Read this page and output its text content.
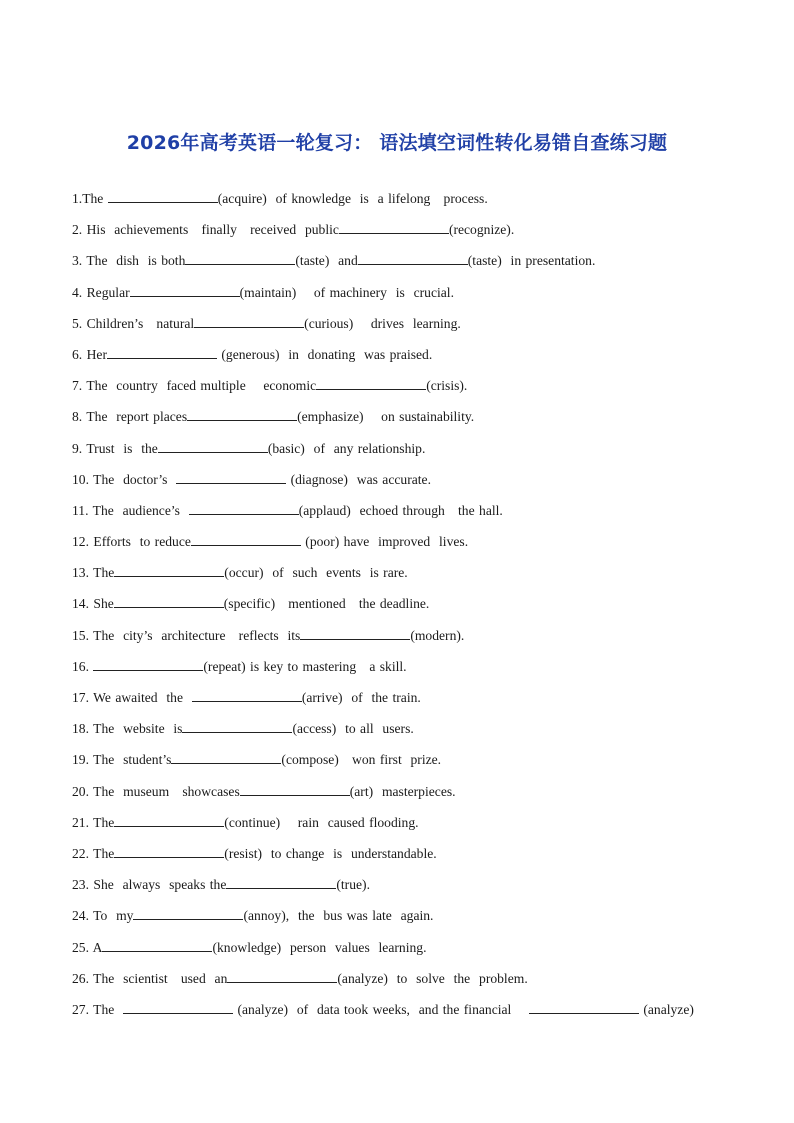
2026年高考英语一轮复习： 语法填空词性转化易错自查练习题
1.The	(acquire)  of knowledge  is  a lifelong   process.
2. His  achievements   finally   received  public	(recognize).
3. The  dish  is both	(taste)  and	(taste)  in presentation.
4. Regular	(maintain)    of machinery  is  crucial.
5. Children’s   natural	(curious)    drives  learning.
6. Her	(generous)  in  donating  was praised.
7. The  country  faced multiple    economic	(crisis).
8. The  report places	(emphasize)    on sustainability.
9. Trust  is  the	(basic)  of  any relationship.
10. The  doctor’s	(diagnose)  was accurate.
11. The  audience’s	(applaud)  echoed through   the hall.
12. Efforts  to reduce	(poor) have  improved  lives.
13. The	(occur)  of  such  events  is rare.
14. She	(specific)   mentioned   the deadline.
15. The  city’s  architecture   reflects  its	(modern).
16.	(repeat) is key to mastering   a skill.
17. We awaited  the	(arrive)  of  the train.
18. The  website  is	(access)  to all  users.
19. The  student’s	(compose)   won first  prize.
20. The  museum   showcases	(art)  masterpieces.
21. The	(continue)    rain  caused flooding.
22. The	(resist)  to change  is  understandable.
23. She  always  speaks the	(true).
24. To  my	(annoy),  the  bus was late  again.
25. A	(knowledge)  person  values  learning.
26. The  scientist   used  an	(analyze)  to  solve  the  problem.
27. The	(analyze)  of  data took weeks,  and the financial	(analyze)
